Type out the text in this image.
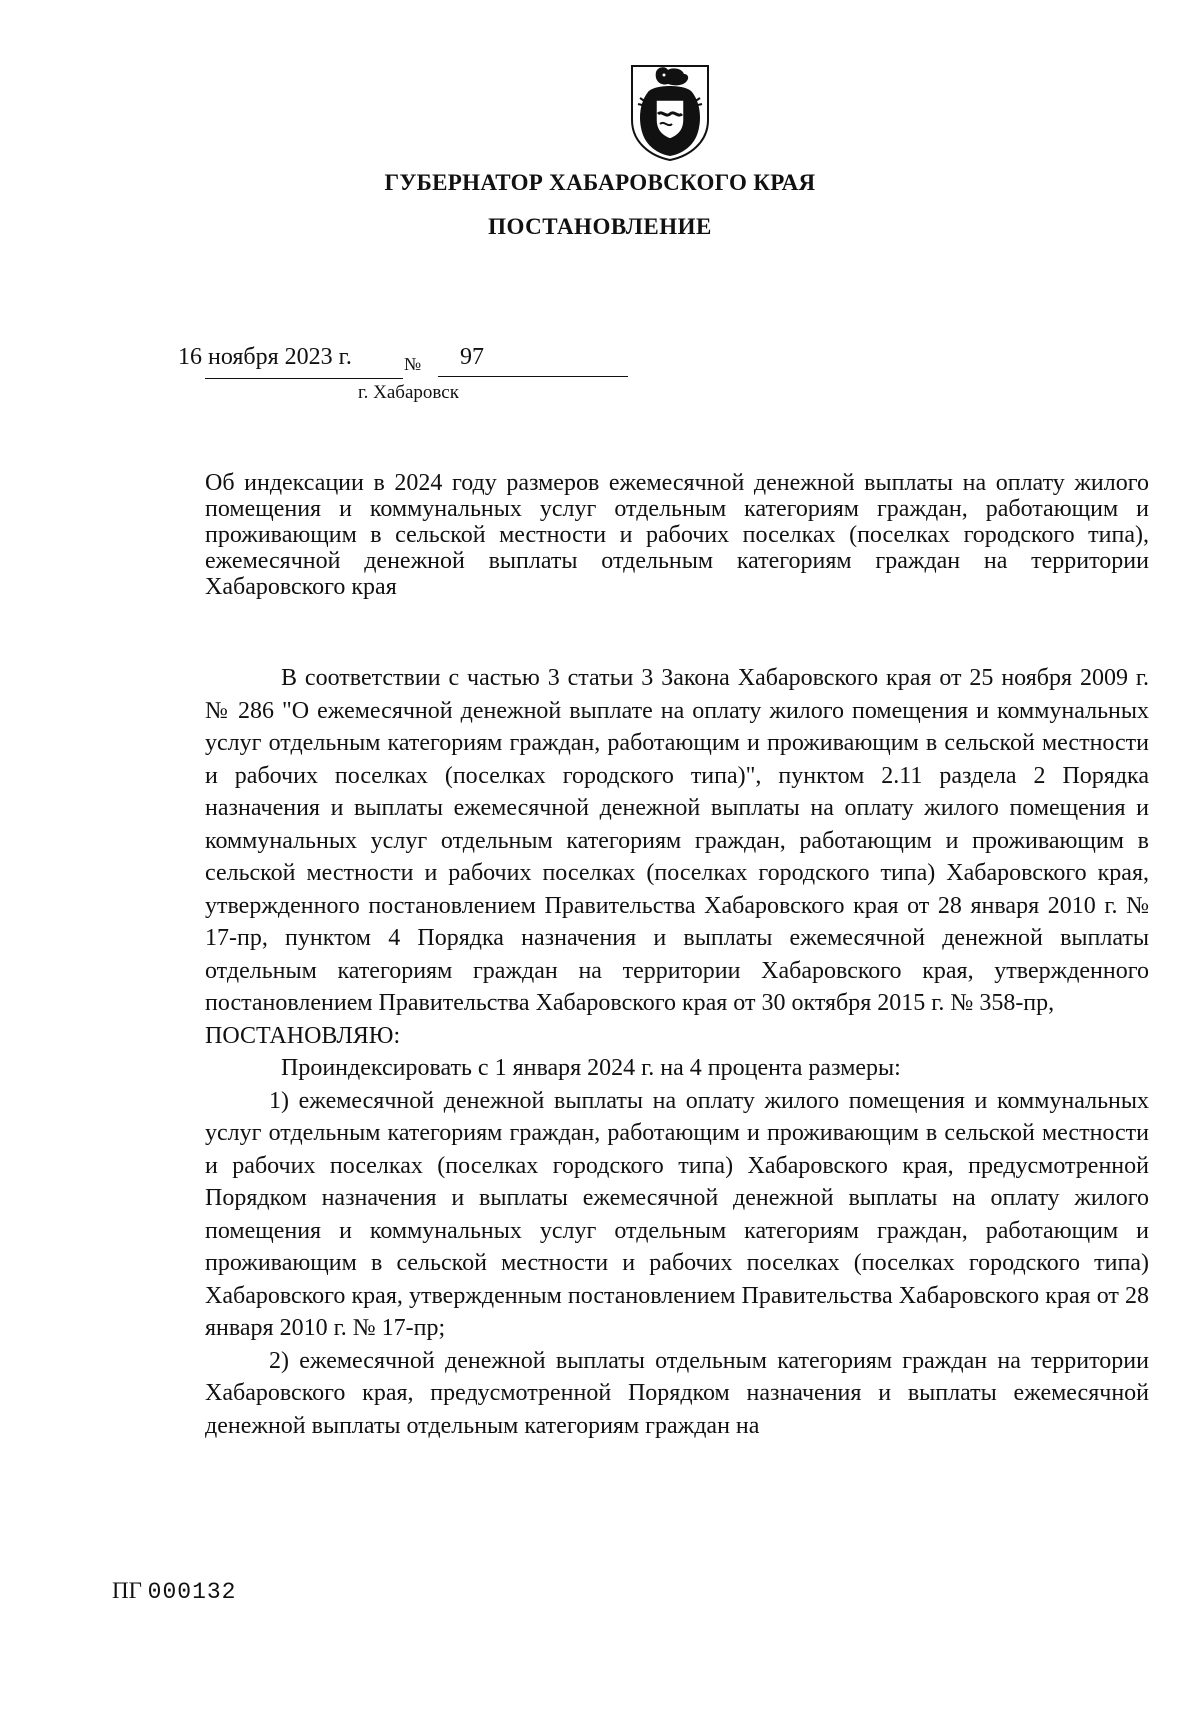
ГУБЕРНАТОР ХАБАРОВСКОГО КРАЯ
ПОСТАНОВЛЕНИЕ
16 ноября 2023 г.	№ 97
г. Хабаровск
Об индексации в 2024 году размеров ежемесячной денежной выплаты на оплату жилого помещения и коммунальных услуг отдельным категориям граждан, работающим и проживающим в сельской местности и рабочих поселках (поселках городского типа), ежемесячной денежной выплаты отдельным категориям граждан на территории Хабаровского края

В соответствии с частью 3 статьи 3 Закона Хабаровского края от 25 ноября 2009 г. № 286 "О ежемесячной денежной выплате на оплату жилого помещения и коммунальных услуг отдельным категориям граждан, работающим и проживающим в сельской местности и рабочих поселках (поселках городского типа)", пунктом 2.11 раздела 2 Порядка назначения и выплаты ежемесячной денежной выплаты на оплату жилого помещения и коммунальных услуг отдельным категориям граждан, работающим и проживающим в сельской местности и рабочих поселках (поселках городского типа) Хабаровского края, утвержденного постановлением Правительства Хабаровского края от 28 января 2010 г. № 17-пр, пунктом 4 Порядка назначения и выплаты ежемесячной денежной выплаты отдельным категориям граждан на территории Хабаровского края, утвержденного постановлением Правительства Хабаровского края от 30 октября 2015 г. № 358-пр,

ПОСТАНОВЛЯЮ:

Проиндексировать с 1 января 2024 г. на 4 процента размеры:

1) ежемесячной денежной выплаты на оплату жилого помещения и коммунальных услуг отдельным категориям граждан, работающим и проживающим в сельской местности и рабочих поселках (поселках городского типа) Хабаровского края, предусмотренной Порядком назначения и выплаты ежемесячной денежной выплаты на оплату жилого помещения и коммунальных услуг отдельным категориям граждан, работающим и проживающим в сельской местности и рабочих поселках (поселках городского типа) Хабаровского края, утвержденным постановлением Правительства Хабаровского края от 28 января 2010 г. № 17-пр;

2) ежемесячной денежной выплаты отдельным категориям граждан на территории Хабаровского края, предусмотренной Порядком назначения и выплаты ежемесячной денежной выплаты отдельным категориям граждан на

ПГ 000132
